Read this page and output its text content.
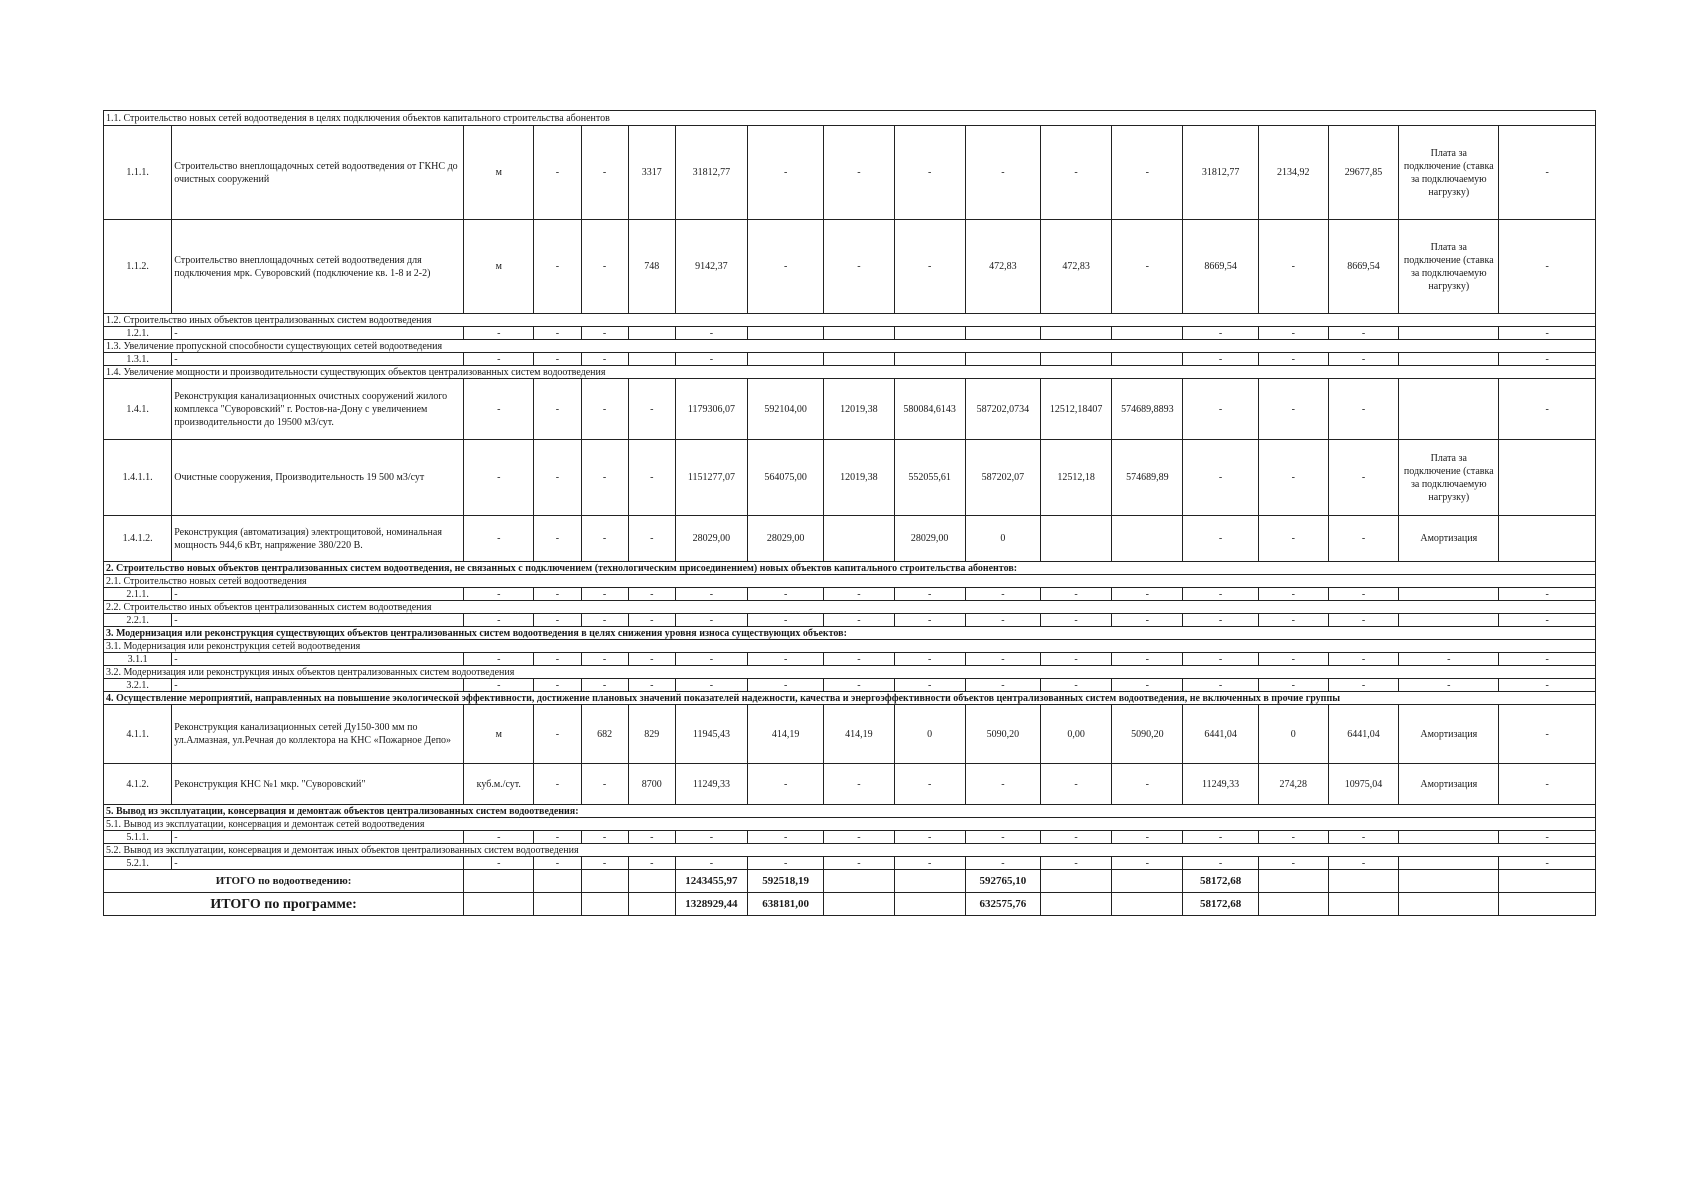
1.1. Строительство новых сетей водоотведения в целях подключения объектов капитального строительства абонентов																	
1.1.1.	Строительство внеплощадочных сетей водоотведения от ГКНС до очистных сооружений	м	-	-	3317	31812,77	-	-	-	-	-	-	31812,77	2134,92	29677,85	Плата за подключение (ставка за подключаемую нагрузку)	-
1.1.2.	Строительство внеплощадочных сетей водоотведения для подключения мрк. Суворовский (подключение кв. 1-8 и 2-2)	м	-	-	748	9142,37	-	-	-	472,83	472,83	-	8669,54	-	8669,54	Плата за подключение (ставка за подключаемую нагрузку)	-
1.2. Строительство иных объектов централизованных систем водоотведения																	
1.2.1.	-	-	-	-		-							-	-	-		-
1.3. Увеличение пропускной способности существующих сетей водоотведения																	
1.3.1.	-	-	-	-		-							-	-	-		-
1.4. Увеличение мощности и производительности существующих объектов централизованных систем водоотведения																	
1.4.1.	Реконструкция канализационных очистных сооружений жилого комплекса "Суворовский" г. Ростов-на-Дону с увеличением производительности до 19500 м3/сут.	-	-	-	-	1179306,07	592104,00	12019,38	580084,6143	587202,0734	12512,18407	574689,8893	-	-	-		-
1.4.1.1.	Очистные сооружения, Производительность 19 500 м3/сут	-	-	-	-	1151277,07	564075,00	12019,38	552055,61	587202,07	12512,18	574689,89	-	-	-	Плата за подключение (ставка за подключаемую нагрузку)	
1.4.1.2.	Реконструкция (автоматизация) электрощитовой, номинальная мощность 944,6 кВт, напряжение 380/220 В.	-	-	-	-	28029,00	28029,00		28029,00	0			-	-	-	Амортизация	
2. Строительство новых объектов централизованных систем водоотведения, не связанных с подключением (технологическим присоединением) новых объектов капитального строительства абонентов:																	
2.1. Строительство новых сетей водоотведения																	
2.1.1.	-	-	-	-	-	-	-	-	-	-	-	-	-	-	-		-
2.2. Строительство иных объектов централизованных систем водоотведения																	
2.2.1.	-	-	-	-	-	-	-	-	-	-	-	-	-	-	-		-
3. Модернизация или реконструкция существующих объектов централизованных систем водоотведения в целях снижения уровня износа существующих объектов:																	
3.1. Модернизация или реконструкция сетей водоотведения																	
3.1.1	-	-	-	-	-	-	-	-	-	-	-	-	-	-	-	-	-
3.2. Модернизация или реконструкция иных объектов централизованных систем водоотведения																	
3.2.1.	-	-	-	-	-	-	-	-	-	-	-	-	-	-	-	-	-
4. Осуществление мероприятий, направленных на повышение экологической эффективности, достижение плановых значений показателей надежности, качества и энергоэффективности объектов централизованных систем водоотведения, не включенных в прочие группы																	
4.1.1.	Реконструкция канализационных сетей Ду150-300 мм по ул.Алмазная, ул.Речная до коллектора на КНС «Пожарное Депо»	м	-	682	829	11945,43	414,19	414,19	0	5090,20	0,00	5090,20	6441,04	0	6441,04	Амортизация	-
4.1.2.	Реконструкция КНС №1 мкр. "Суворовский"	куб.м./сут.	-	-	8700	11249,33	-	-	-	-	-	-	11249,33	274,28	10975,04	Амортизация	-
5. Вывод из эксплуатации, консервация и демонтаж объектов централизованных систем водоотведения:																	
5.1. Вывод из эксплуатации, консервация и демонтаж сетей водоотведения																	
5.1.1.	-	-	-	-	-	-	-	-	-	-	-	-	-	-	-		-
5.2. Вывод из эксплуатации, консервация и демонтаж иных объектов централизованных систем водоотведения																	
5.2.1.	-	-	-	-	-	-	-	-	-	-	-	-	-	-	-		-
ИТОГО по водоотведению:						1243455,97	592518,19			592765,10			58172,68				
ИТОГО по программе:						1328929,44	638181,00			632575,76			58172,68				
